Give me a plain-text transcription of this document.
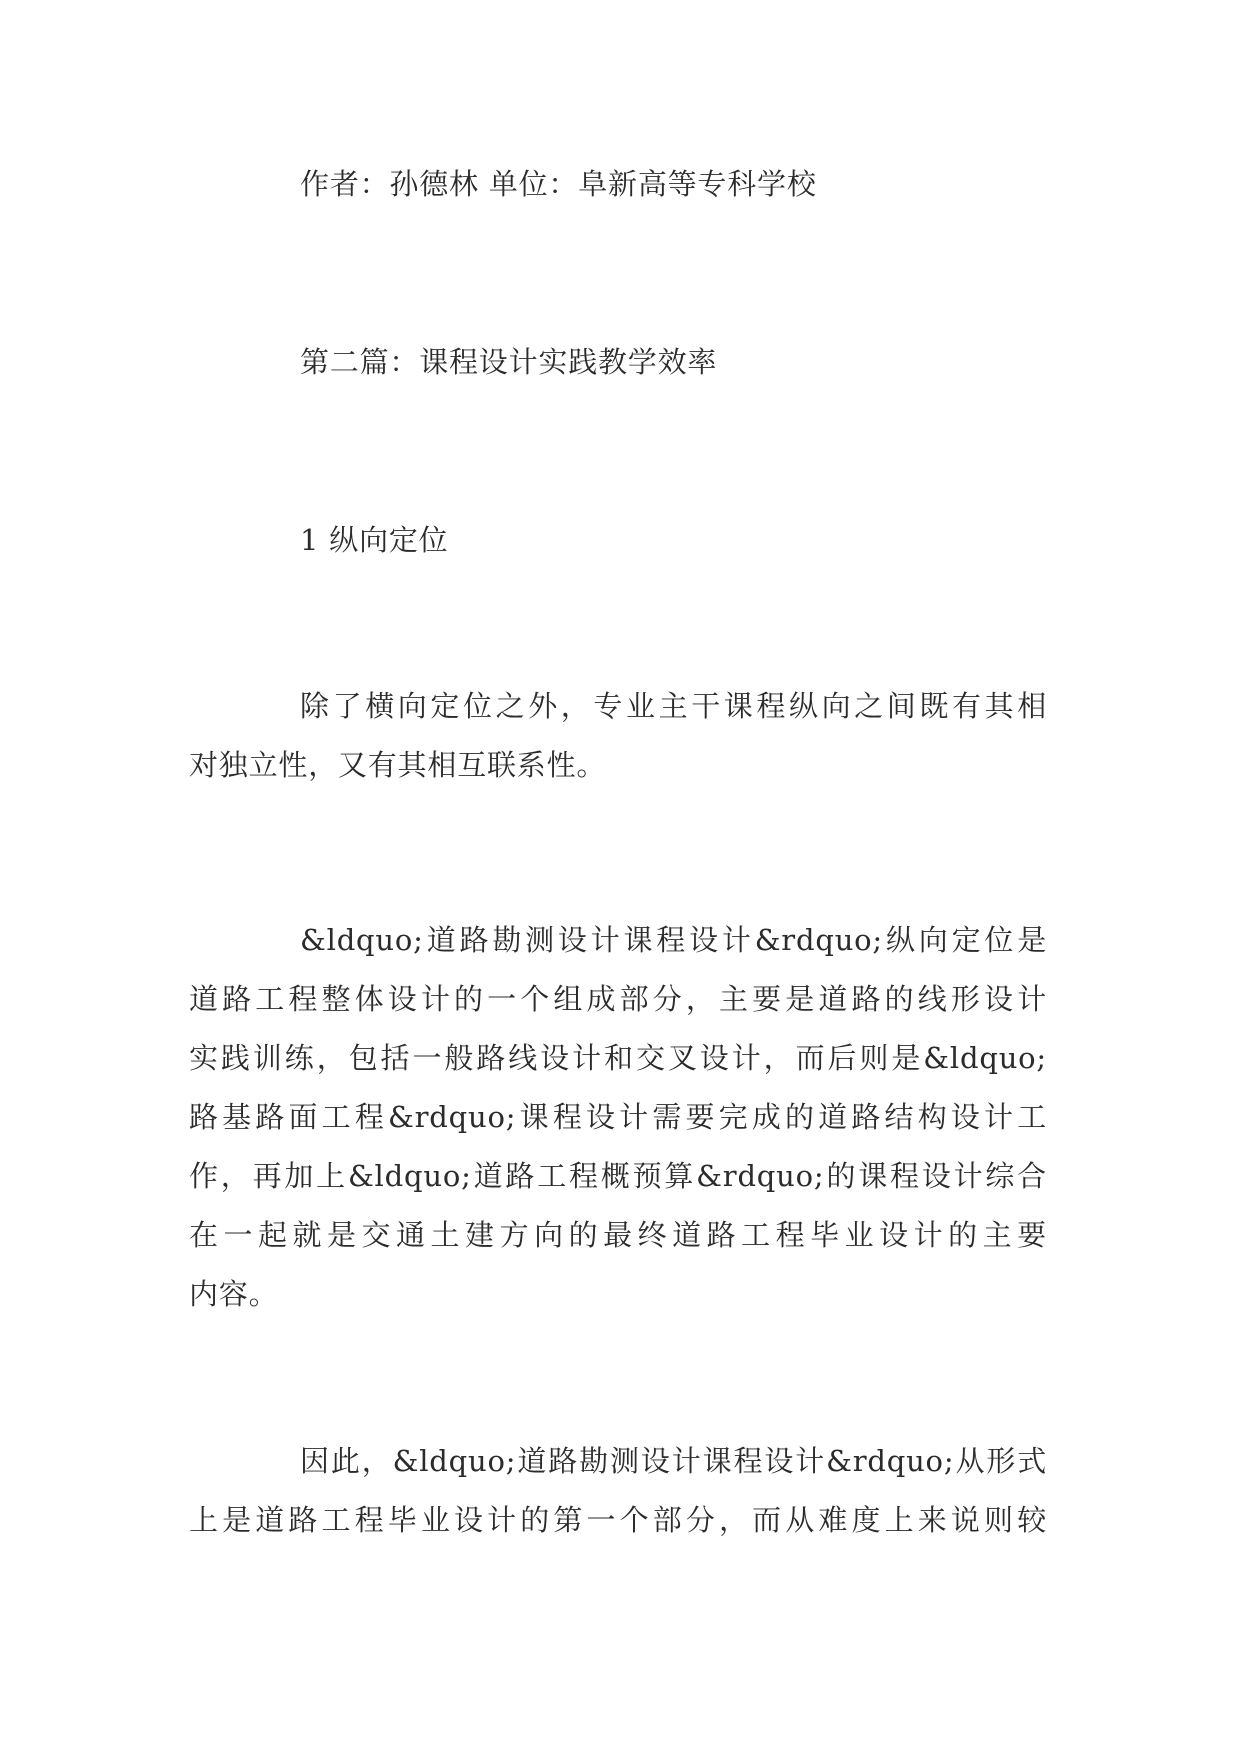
作者：孙德林 单位：阜新高等专科学校

第二篇：课程设计实践教学效率

1 纵向定位

除了横向定位之外，专业主干课程纵向之间既有其相
对独立性，又有其相互联系性。
&ldquo;道路勘测设计课程设计&rdquo;纵向定位是
道路工程整体设计的一个组成部分，主要是道路的线形设计
实践训练，包括一般路线设计和交叉设计，而后则是&ldquo;
路基路面工程&rdquo;课程设计需要完成的道路结构设计工
作，再加上&ldquo;道路工程概预算&rdquo;的课程设计综合
在一起就是交通土建方向的最终道路工程毕业设计的主要
内容。
因此，&ldquo;道路勘测设计课程设计&rdquo;从形式
上是道路工程毕业设计的第一个部分，而从难度上来说则较
